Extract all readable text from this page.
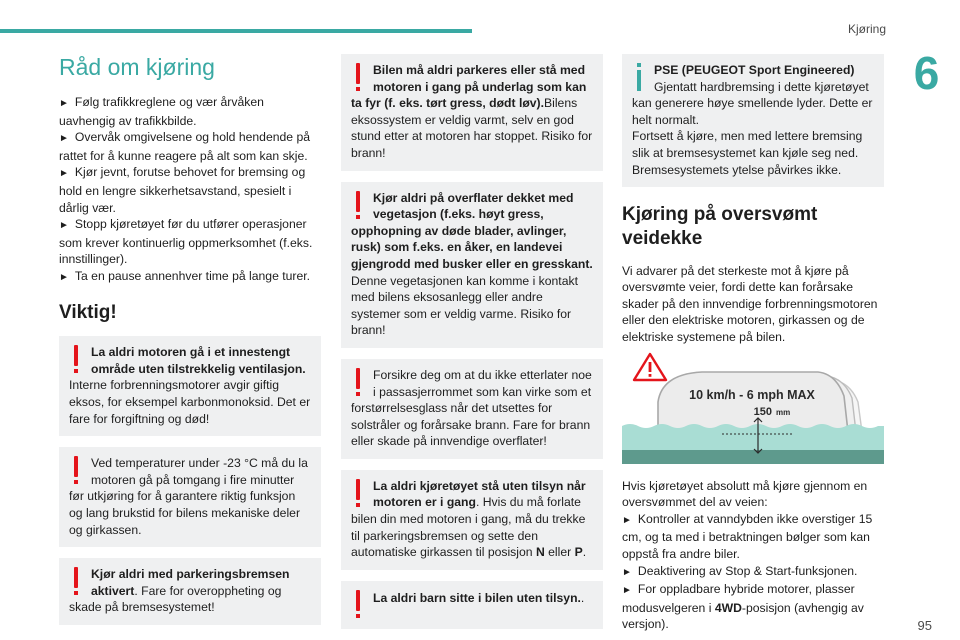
Kjøring
6
Råd om kjøring
► Følg trafikkreglene og vær årvåken uavhengig av trafikkbilde.
► Overvåk omgivelsene og hold hendende på rattet for å kunne reagere på alt som kan skje.
► Kjør jevnt, forutse behovet for bremsing og hold en lengre sikkerhetsavstand, spesielt i dårlig vær.
► Stopp kjøretøyet før du utfører operasjoner som krever kontinuerlig oppmerksomhet (f.eks. innstillinger).
► Ta en pause annenhver time på lange turer.
Viktig!

La aldri motoren gå i et innestengt område uten tilstrekkelig ventilasjon. Interne forbrenningsmotorer avgir giftig eksos, for eksempel karbonmonoksid. Det er fare for forgiftning og død!

Ved temperaturer under -23 °C må du la motoren gå på tomgang i fire minutter før utkjøring for å garantere riktig funksjon og lang brukstid for bilens mekaniske deler og girkassen.

Kjør aldri med parkeringsbremsen aktivert. Fare for overoppheting og skade på bremsesystemet!

Bilen må aldri parkeres eller stå med motoren i gang på underlag som kan ta fyr (f. eks. tørt gress, dødt løv).Bilens eksossystem er veldig varmt, selv en god stund etter at motoren har stoppet. Risiko for brann!

Kjør aldri på overflater dekket med vegetasjon (f.eks. høyt gress, opphopning av døde blader, avlinger, rusk) som f.eks. en åker, en landevei gjengrodd med busker eller en gresskant.
Denne vegetasjonen kan komme i kontakt med bilens eksosanlegg eller andre systemer som er veldig varme. Risiko for brann!

Forsikre deg om at du ikke etterlater noe i passasjerrommet som kan virke som et forstørrelsesglass når det utsettes for solstråler og forårsake brann. Fare for brann eller skade på innvendige overflater!

La aldri kjøretøyet stå uten tilsyn når motoren er i gang. Hvis du må forlate bilen din med motoren i gang, må du trekke til parkeringsbremsen og sette den automatiske girkassen til posisjon N eller P.

La aldri barn sitte i bilen uten tilsyn..

PSE (PEUGEOT Sport Engineered)
Gjentatt hardbremsing i dette kjøretøyet kan generere høye smellende lyder. Dette er helt normalt.
Fortsett å kjøre, men med lettere bremsing slik at bremsesystemet kan kjøle seg ned. Bremsesystemets ytelse påvirkes ikke.

Kjøring på oversvømt veidekke

Vi advarer på det sterkeste mot å kjøre på oversvømte veier, fordi dette kan forårsake skader på den innvendige forbrenningsmotoren eller den elektriske motoren, girkassen og de elektriske systemene på bilen.

10 km/h - 6 mph MAX
150 mm

Hvis kjøretøyet absolutt må kjøre gjennom en oversvømmet del av veien:

► Kontroller at vanndybden ikke overstiger 15 cm, og ta med i betraktningen bølger som kan oppstå fra andre biler.
► Deaktivering av Stop & Start-funksjonen.
► For oppladbare hybride motorer, plasser modusvelgeren i 4WD-posisjon (avhengig av versjon).	95
